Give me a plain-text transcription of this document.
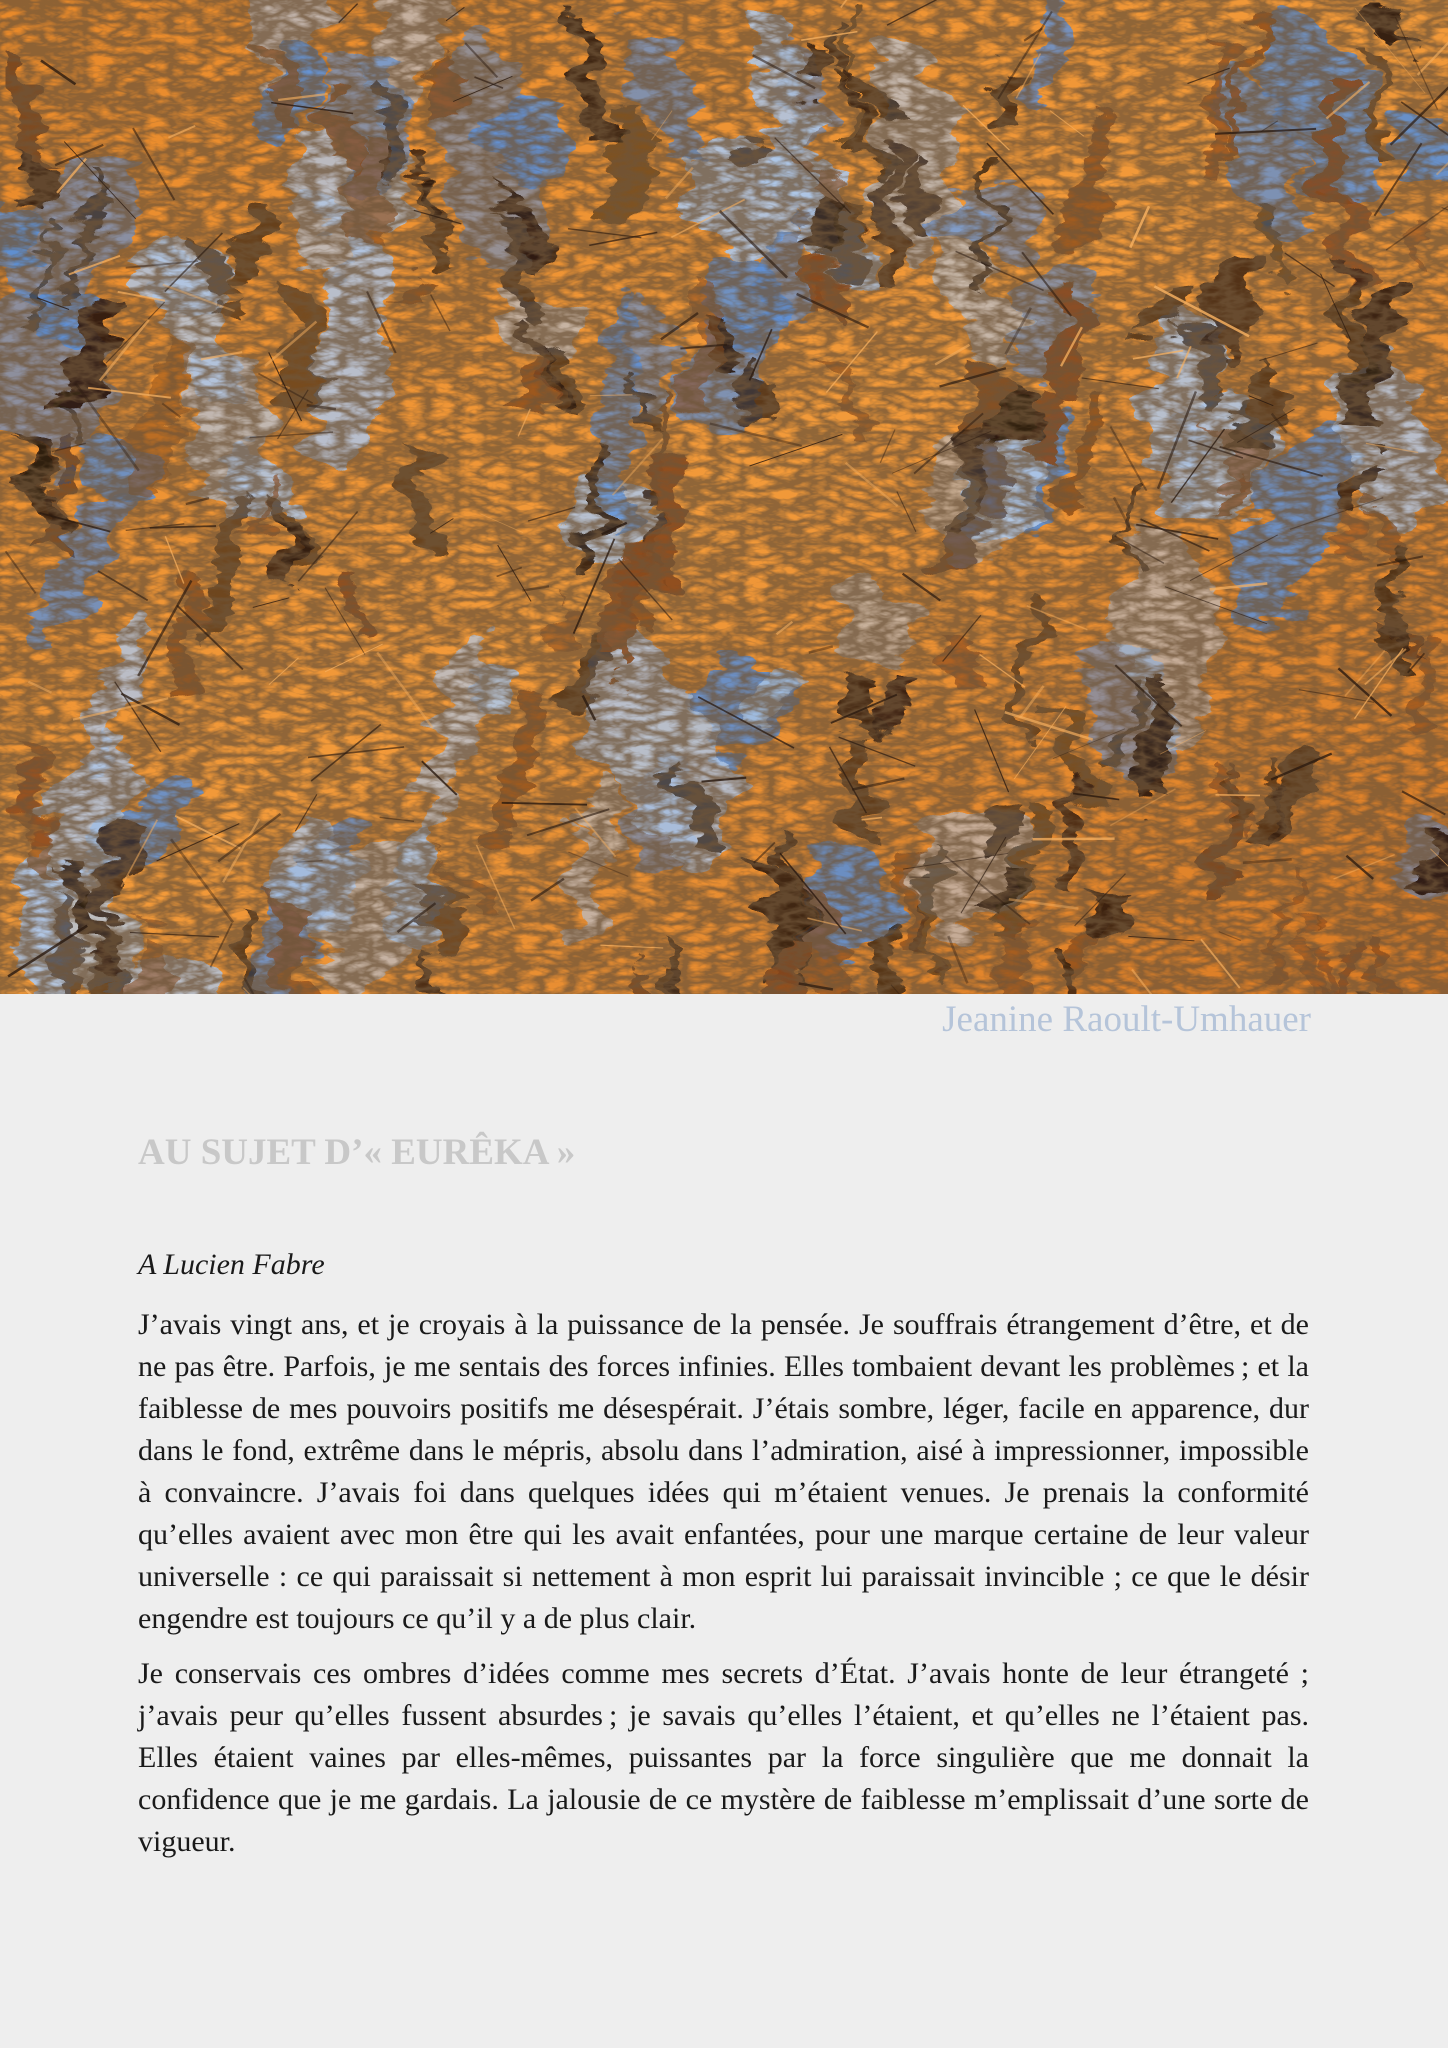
Jeanine Raoult-Umhauer
AU SUJET D’« EURÊKA »
A Lucien Fabre
J’avais vingt ans, et je croyais à la puissance de la pensée. Je souffrais étrangement d’être, et de ne pas être. Parfois, je me sentais des forces infinies. Elles tombaient devant les problèmes ; et la faiblesse de mes pouvoirs positifs me désespérait. J’étais sombre, léger, facile en apparence, dur dans le fond, extrême dans le mépris, absolu dans l’admiration, aisé à impressionner, impossible à convaincre. J’avais foi dans quelques idées qui m’étaient venues. Je prenais la conformité qu’elles avaient avec mon être qui les avait enfantées, pour une marque certaine de leur valeur universelle : ce qui paraissait si nettement à mon esprit lui paraissait invincible ; ce que le désir engendre est toujours ce qu’il y a de plus clair.
Je conservais ces ombres d’idées comme mes secrets d’État. J’avais honte de leur étrangeté ; j’avais peur qu’elles fussent absurdes ; je savais qu’elles l’étaient, et qu’elles ne l’étaient pas. Elles étaient vaines par elles-mêmes, puissantes par la force singulière que me donnait la confidence que je me gardais. La jalousie de ce mystère de faiblesse m’emplissait d’une sorte de vigueur.
